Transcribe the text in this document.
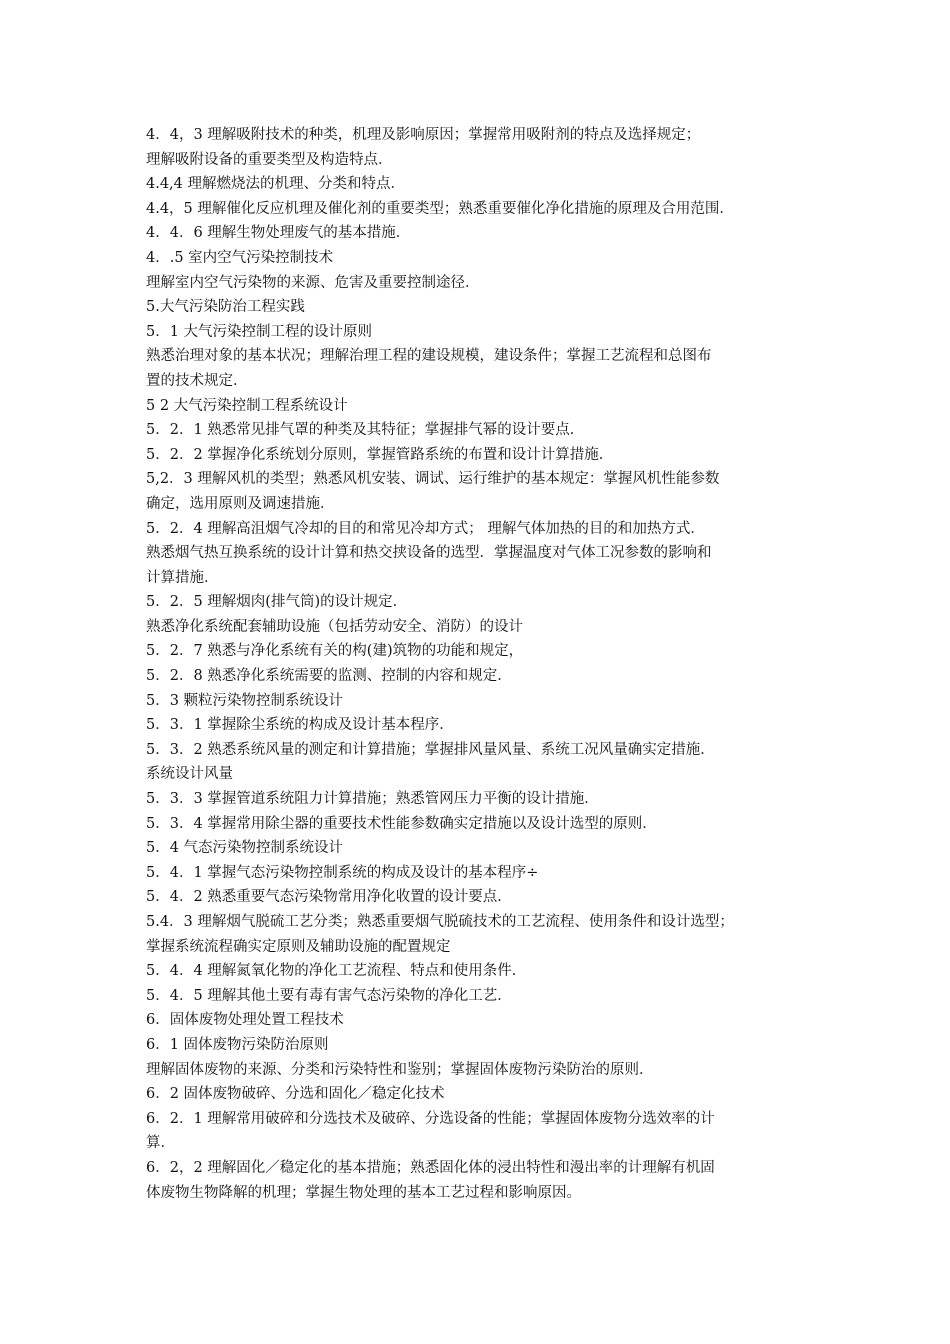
4．4，3 理解吸附技术的种类，机理及影响原因；掌握常用吸附剂的特点及选择规定；
理解吸附设备的重要类型及构造特点．
4.4,4 理解燃烧法的机理、分类和特点．
4.4，5 理解催化反应机理及催化剂的重要类型；熟悉重要催化净化措施的原理及合用范围．
4．4．6 理解生物处理废气的基本措施．
4．.5 室内空气污染控制技术
理解室内空气污染物的来源、危害及重要控制途径．
5.大气污染防治工程实践
5．1 大气污染控制工程的设计原则
熟悉治理对象的基本状况；理解治理工程的建设规模，建设条件；掌握工艺流程和总图布
置的技术规定．
5 2 大气污染控制工程系统设计
5．2．1 熟悉常见排气罩的种类及其特征；掌握排气幂的设计要点．
5．2．2 掌握净化系统划分原则，掌握管路系统的布置和设计计算措施．
5,2．3 理解风机的类型；熟悉风机安装、调试、运行维护的基本规定：掌握风机性能参数
确定，选用原则及调速措施．
5．2．4 理解高沮烟气冷却的目的和常见冷却方式； 理解气体加热的目的和加热方式．
熟悉烟气热互换系统的设计计算和热交挟设备的选型．掌握温度对气体工况参数的影响和
计算措施．
5．2．5 理解烟肉(排气筒)的设计规定．
熟悉净化系统配套辅助设施（包括劳动安全、消防）的设计
5．2．7 熟悉与净化系统有关的构(建)筑物的功能和规定，
5．2．8 熟悉净化系统需要的监测、控制的内容和规定．
5．3 颗粒污染物控制系统设计
5．3．1 掌握除尘系统的构成及设计基本程序．
5．3．2 熟悉系统风量的测定和计算措施；掌握排风量风量、系统工况风量确实定措施．
系统设计风量
5．3．3 掌握管道系统阻力计算措施；熟悉管网压力平衡的设计措施．
5．3．4 掌握常用除尘器的重要技术性能参数确实定措施以及设计选型的原则．
5．4 气态污染物控制系统设计
5．4．1 掌握气态污染物控制系统的构成及设计的基本程序÷
5．4．2 熟悉重要气态污染物常用净化收置的设计要点．
5.4．3 理解烟气脱硫工艺分类；熟悉重要烟气脱硫技术的工艺流程、使用条件和设计选型；
掌握系统流程确实定原则及辅助设施的配置规定
5．4．4 理解氮氧化物的净化工艺流程、特点和使用条件．
5．4．5 理解其他土要有毒有害气态污染物的净化工艺．
6．固体废物处理处置工程技术
6．1 固体废物污染防治原则
理解固体废物的来源、分类和污染特性和鉴别；掌握固体废物污染防治的原则．
6．2 固体废物破碎、分选和固化／稳定化技术
6．2．1 理解常用破碎和分选技术及破碎、分选设备的性能；掌握固体废物分选效率的计
算．
6．2，2 理解固化／稳定化的基本措施；熟悉固化体的浸出特性和漫出率的计理解有机固
体废物生物降解的机理；掌握生物处理的基本工艺过程和影响原因。
